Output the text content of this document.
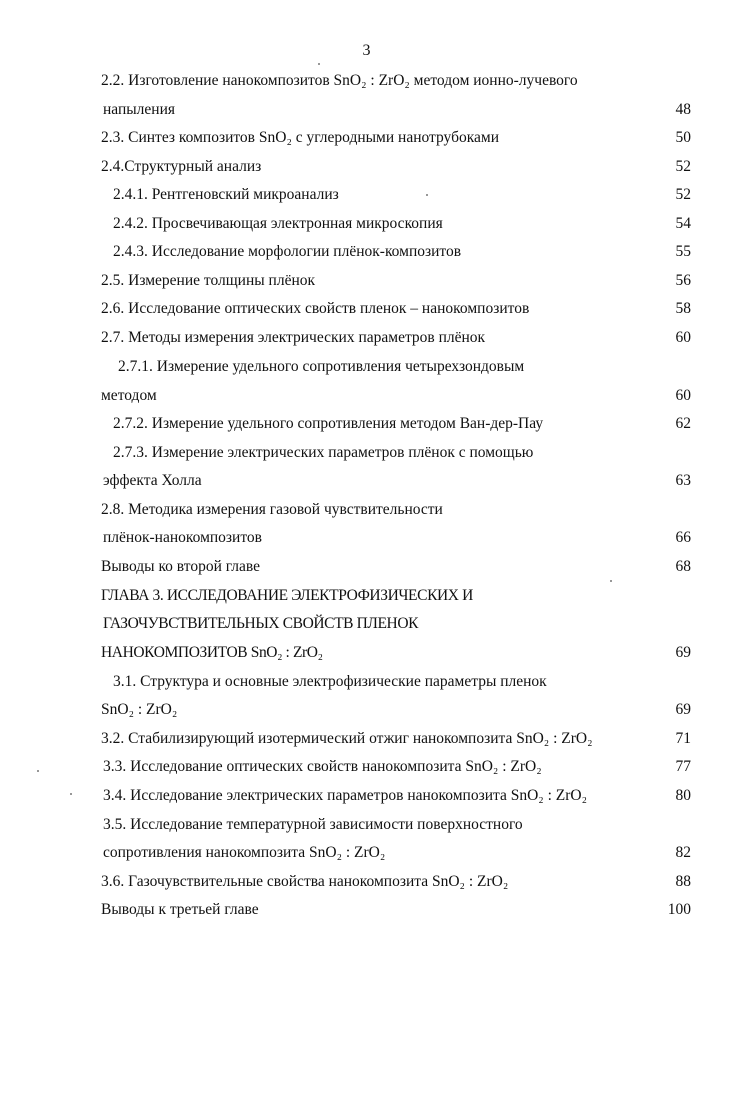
3
2.2. Изготовление нанокомпозитов SnO₂ : ZrO₂ методом ионно-лучевого
напыления	48
2.3. Синтез композитов SnO₂ с углеродными нанотрубоками	50
2.4.Структурный анализ	52
2.4.1. Рентгеновский микроанализ	52
2.4.2. Просвечивающая электронная микроскопия	54
2.4.3. Исследование морфологии плёнок-композитов	55
2.5. Измерение толщины плёнок	56
2.6. Исследование оптических свойств пленок – нанокомпозитов	58
2.7. Методы измерения электрических параметров плёнок	60
2.7.1. Измерение удельного сопротивления четырехзондовым
методом	60
2.7.2. Измерение удельного сопротивления методом Ван-дер-Пау	62
2.7.3. Измерение электрических параметров плёнок с помощью
эффекта Холла	63
2.8. Методика измерения газовой чувствительности
плёнок-нанокомпозитов	66
Выводы ко второй главе	68
ГЛАВА 3. ИССЛЕДОВАНИЕ ЭЛЕКТРОФИЗИЧЕСКИХ И
ГАЗОЧУВСТВИТЕЛЬНЫХ СВОЙСТВ ПЛЕНОК
НАНОКОМПОЗИТОВ SnO₂ : ZrO₂	69
3.1. Структура и основные электрофизические параметры пленок
SnO₂ : ZrO₂	69
3.2. Стабилизирующий изотермический отжиг нанокомпозита SnO₂ : ZrO₂	71
3.3. Исследование оптических свойств нанокомпозита SnO₂ : ZrO₂	77
3.4. Исследование электрических параметров нанокомпозита SnO₂ : ZrO₂	80
3.5. Исследование температурной зависимости поверхностного
сопротивления нанокомпозита SnO₂ : ZrO₂	82
3.6. Газочувствительные свойства нанокомпозита SnO₂ : ZrO₂	88
Выводы к третьей главе	100
